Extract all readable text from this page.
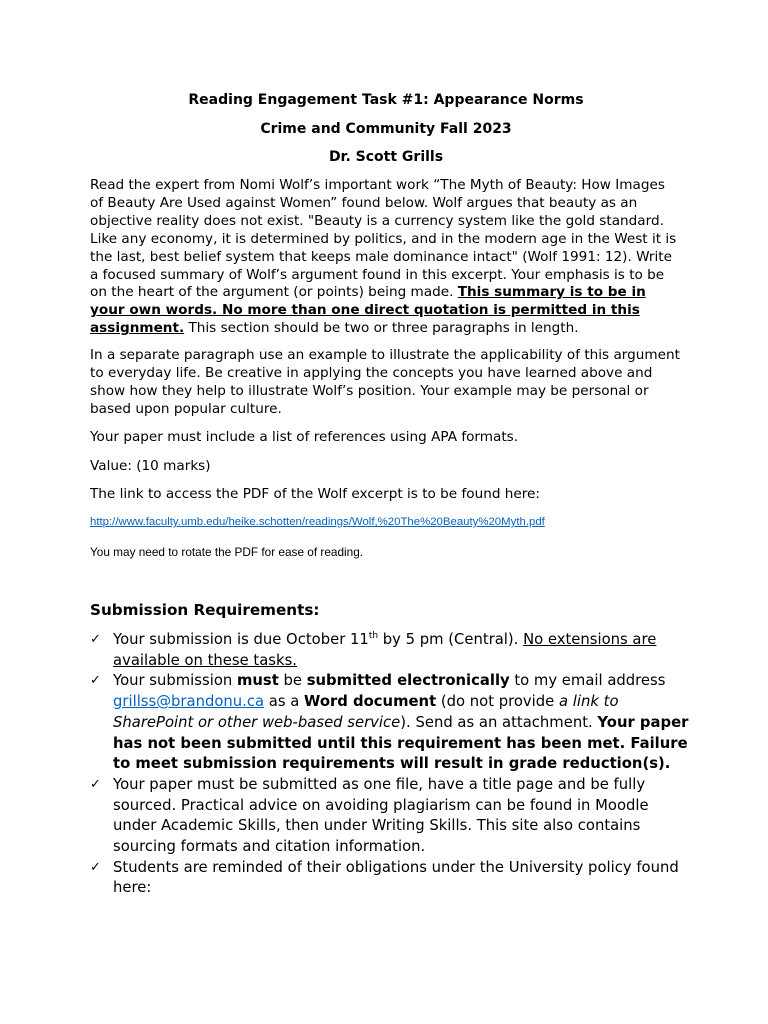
Reading Engagement Task #1: Appearance Norms
Crime and Community Fall 2023
Dr. Scott Grills

Read the expert from Nomi Wolf’s important work “The Myth of Beauty: How Images of Beauty Are Used against Women” found below. Wolf argues that beauty as an objective reality does not exist. "Beauty is a currency system like the gold standard. Like any economy, it is determined by politics, and in the modern age in the West it is the last, best belief system that keeps male dominance intact" (Wolf 1991: 12). Write a focused summary of Wolf’s argument found in this excerpt. Your emphasis is to be on the heart of the argument (or points) being made. This summary is to be in your own words. No more than one direct quotation is permitted in this assignment. This section should be two or three paragraphs in length.

In a separate paragraph use an example to illustrate the applicability of this argument to everyday life. Be creative in applying the concepts you have learned above and show how they help to illustrate Wolf’s position. Your example may be personal or based upon popular culture.

Your paper must include a list of references using APA formats.

Value: (10 marks)

The link to access the PDF of the Wolf excerpt is to be found here:

http://www.faculty.umb.edu/heike.schotten/readings/Wolf,%20The%20Beauty%20Myth.pdf
You may need to rotate the PDF for ease of reading.
Submission Requirements:
✓ Your submission is due October 11th by 5 pm (Central). No extensions are available on these tasks.
✓ Your submission must be submitted electronically to my email address grillss@brandonu.ca as a Word document (do not provide a link to SharePoint or other web-based service). Send as an attachment. Your paper has not been submitted until this requirement has been met. Failure to meet submission requirements will result in grade reduction(s).
✓ Your paper must be submitted as one file, have a title page and be fully sourced. Practical advice on avoiding plagiarism can be found in Moodle under Academic Skills, then under Writing Skills. This site also contains sourcing formats and citation information.
✓ Students are reminded of their obligations under the University policy found here:
